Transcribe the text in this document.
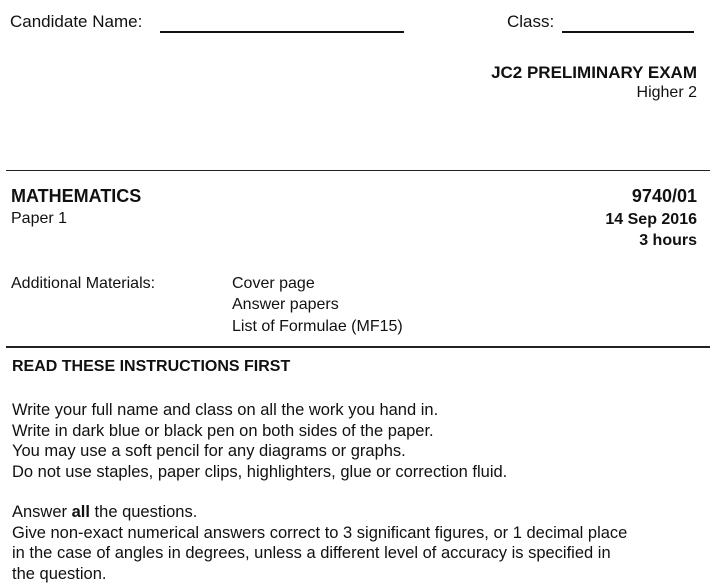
Candidate Name:	Class:
JC2 PRELIMINARY EXAM
Higher 2
MATHEMATICS
Paper 1
9740/01
14 Sep 2016
3 hours
Additional Materials:	Cover page
Answer papers
List of Formulae (MF15)
READ THESE INSTRUCTIONS FIRST
Write your full name and class on all the work you hand in.
Write in dark blue or black pen on both sides of the paper.
You may use a soft pencil for any diagrams or graphs.
Do not use staples, paper clips, highlighters, glue or correction fluid.
Answer all the questions.
Give non-exact numerical answers correct to 3 significant figures, or 1 decimal place
in the case of angles in degrees, unless a different level of accuracy is specified in
the question.
